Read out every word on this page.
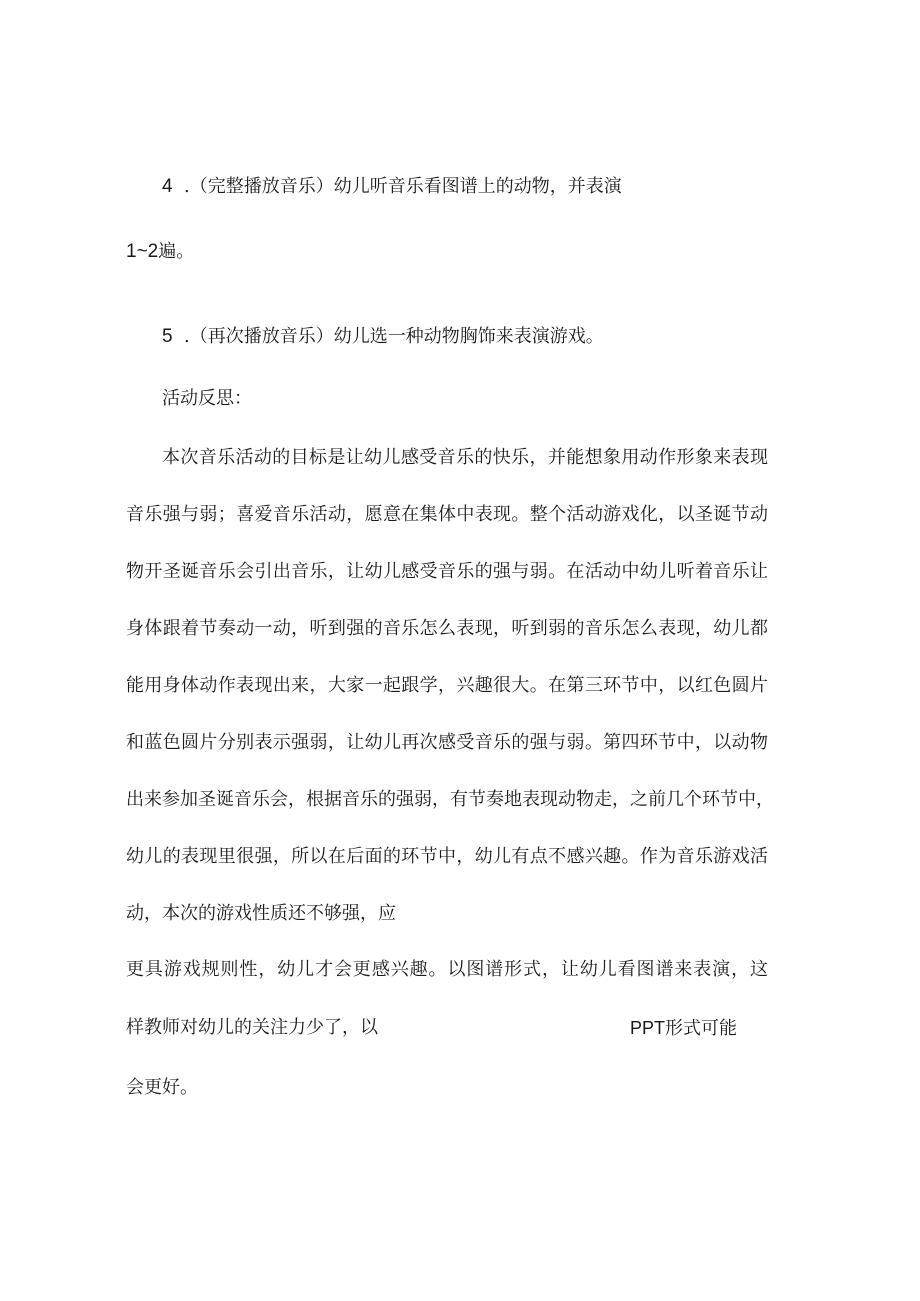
4 .（完整播放音乐）幼儿听音乐看图谱上的动物，并表演
1~2遍。
5 .（再次播放音乐）幼儿选一种动物胸饰来表演游戏。
活动反思：
本次音乐活动的目标是让幼儿感受音乐的快乐，并能想象用动作形象来表现
音乐强与弱；喜爱音乐活动，愿意在集体中表现。整个活动游戏化，以圣诞节动
物开圣诞音乐会引出音乐，让幼儿感受音乐的强与弱。在活动中幼儿听着音乐让
身体跟着节奏动一动，听到强的音乐怎么表现，听到弱的音乐怎么表现，幼儿都
能用身体动作表现出来，大家一起跟学，兴趣很大。在第三环节中，以红色圆片
和蓝色圆片分别表示强弱，让幼儿再次感受音乐的强与弱。第四环节中，以动物
出来参加圣诞音乐会，根据音乐的强弱，有节奏地表现动物走，之前几个环节中，
幼儿的表现里很强，所以在后面的环节中，幼儿有点不感兴趣。作为音乐游戏活
动，本次的游戏性质还不够强，应
更具游戏规则性，幼儿才会更感兴趣。以图谱形式，让幼儿看图谱来表演，这
样教师对幼儿的关注力少了，以	PPT形式可能
会更好。
